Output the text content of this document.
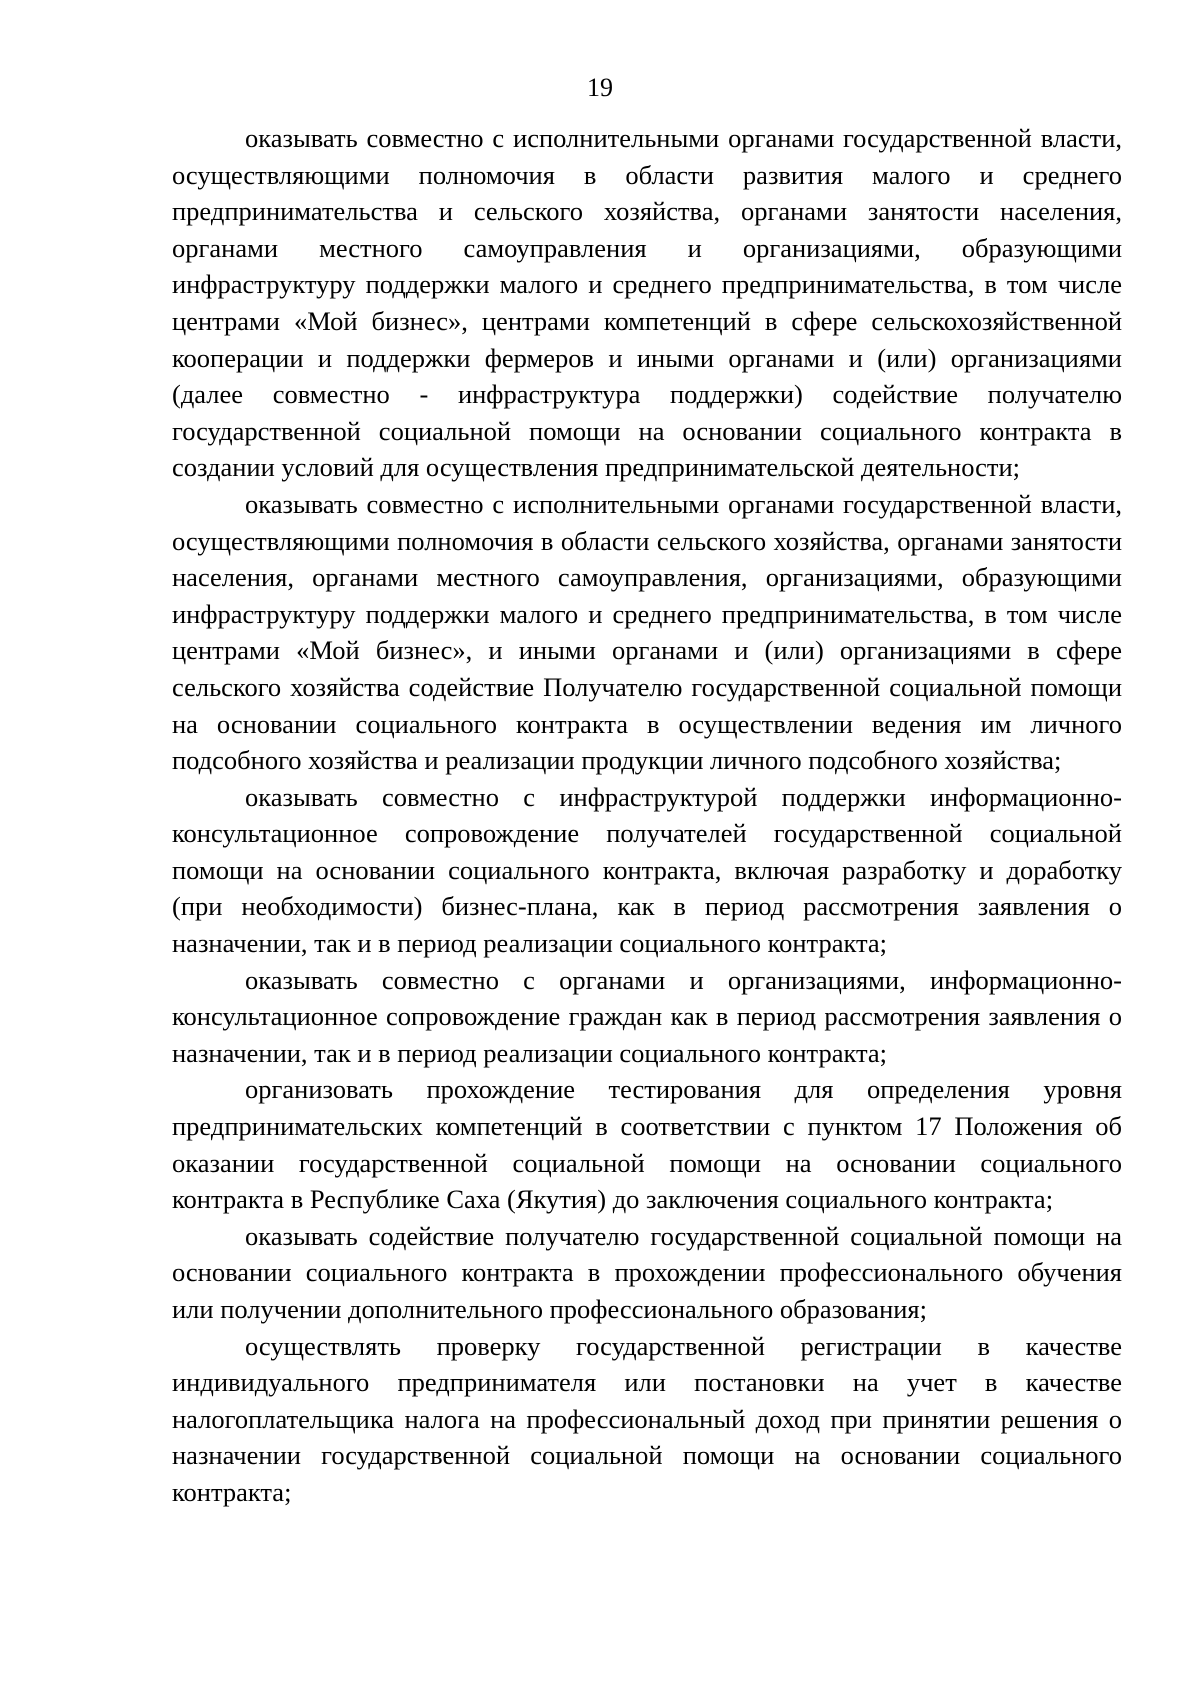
19

оказывать совместно с исполнительными органами государственной власти, осуществляющими полномочия в области развития малого и среднего предпринимательства и сельского хозяйства, органами занятости населения, органами местного самоуправления и организациями, образующими инфраструктуру поддержки малого и среднего предпринимательства, в том числе центрами «Мой бизнес», центрами компетенций в сфере сельскохозяйственной кооперации и поддержки фермеров и иными органами и (или) организациями (далее совместно - инфраструктура поддержки) содействие получателю государственной социальной помощи на основании социального контракта в создании условий для осуществления предпринимательской деятельности;

оказывать совместно с исполнительными органами государственной власти, осуществляющими полномочия в области сельского хозяйства, органами занятости населения, органами местного самоуправления, организациями, образующими инфраструктуру поддержки малого и среднего предпринимательства, в том числе центрами «Мой бизнес», и иными органами и (или) организациями в сфере сельского хозяйства содействие Получателю государственной социальной помощи на основании социального контракта в осуществлении ведения им личного подсобного хозяйства и реализации продукции личного подсобного хозяйства;

оказывать совместно с инфраструктурой поддержки информационно-консультационное сопровождение получателей государственной социальной помощи на основании социального контракта, включая разработку и доработку (при необходимости) бизнес-плана, как в период рассмотрения заявления о назначении, так и в период реализации социального контракта;

оказывать совместно с органами и организациями, информационно-консультационное сопровождение граждан как в период рассмотрения заявления о назначении, так и в период реализации социального контракта;

организовать прохождение тестирования для определения уровня предпринимательских компетенций в соответствии с пунктом 17 Положения об оказании государственной социальной помощи на основании социального контракта в Республике Саха (Якутия) до заключения социального контракта;

оказывать содействие получателю государственной социальной помощи на основании социального контракта в прохождении профессионального обучения или получении дополнительного профессионального образования;

осуществлять проверку государственной регистрации в качестве индивидуального предпринимателя или постановки на учет в качестве налогоплательщика налога на профессиональный доход при принятии решения о назначении государственной социальной помощи на основании социального контракта;
